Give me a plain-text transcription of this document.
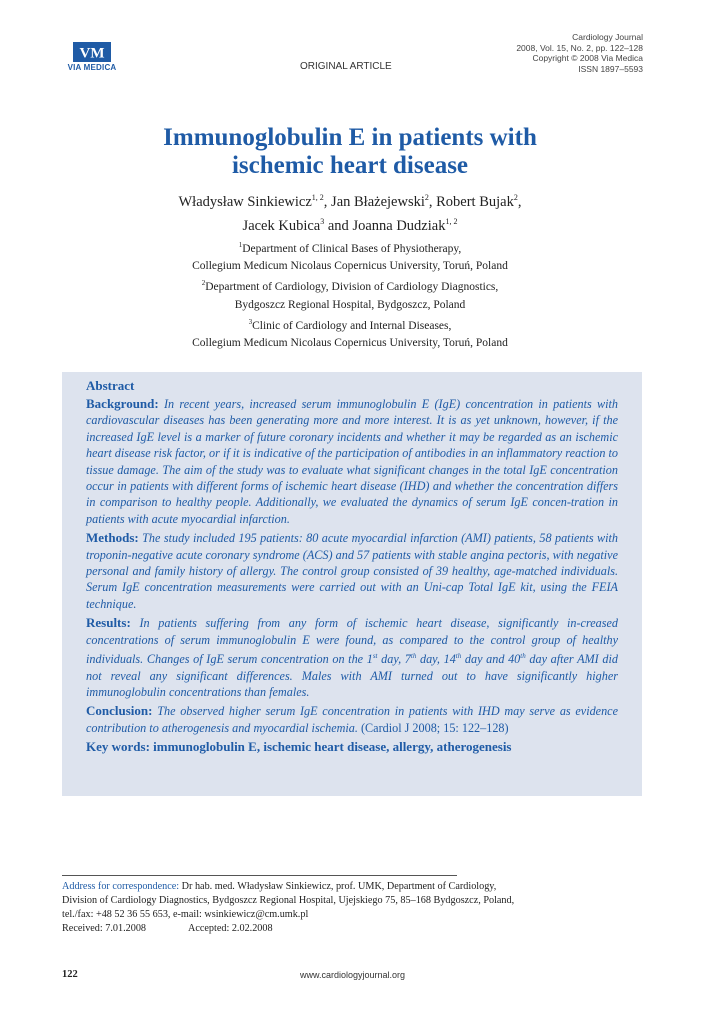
VM
VIA MEDICA	ORIGINAL ARTICLE
Cardiology Journal
2008, Vol. 15, No. 2, pp. 122–128
Copyright © 2008 Via Medica
ISSN 1897–5593
Immunoglobulin E in patients with
ischemic heart disease
Władysław Sinkiewicz$^{1, 2}$, Jan Błażejewski$^2$, Robert Bujak$^2$,
Jacek Kubica$^3$ and Joanna Dudziak$^{1, 2}$
$^1$Department of Clinical Bases of Physiotherapy,
Collegium Medicum Nicolaus Copernicus University, Toruń, Poland
$^2$Department of Cardiology, Division of Cardiology Diagnostics,
Bydgoszcz Regional Hospital, Bydgoszcz, Poland
$^3$Clinic of Cardiology and Internal Diseases,
Collegium Medicum Nicolaus Copernicus University, Toruń, Poland
Abstract

Background: In recent years, increased serum immunoglobulin E (IgE) concentration in patients with cardiovascular diseases has been generating more and more interest. It is as yet unknown, however, if the increased IgE level is a marker of future coronary incidents and whether it may be regarded as an ischemic heart disease risk factor, or if it is indicative of the participation of antibodies in an inflammatory reaction to tissue damage. The aim of the study was to evaluate what significant changes in the total IgE concentration occur in patients with different forms of ischemic heart disease (IHD) and whether the concentration differs in comparison to healthy people. Additionally, we evaluated the dynamics of serum IgE concen-tration in patients with acute myocardial infarction.

Methods: The study included 195 patients: 80 acute myocardial infarction (AMI) patients, 58 patients with troponin-negative acute coronary syndrome (ACS) and 57 patients with stable angina pectoris, with negative personal and family history of allergy. The control group consisted of 39 healthy, age-matched individuals. Serum IgE concentration measurements were carried out with an Uni-cap Total IgE kit, using the FEIA technique.

Results: In patients suffering from any form of ischemic heart disease, significantly in-creased concentrations of serum immunoglobulin E were found, as compared to the control group of healthy individuals. Changes of IgE serum concentration on the 1st day, 7th day, 14th day and 40th day after AMI did not reveal any significant differences. Males with AMI turned out to have significantly higher immunoglobulin concentrations than females.

Conclusion: The observed higher serum IgE concentration in patients with IHD may serve as evidence contribution to atherogenesis and myocardial ischemia. (Cardiol J 2008; 15: 122–128)

Key words: immunoglobulin E, ischemic heart disease, allergy, atherogenesis
Address for correspondence: Dr hab. med. Władysław Sinkiewicz, prof. UMK, Department of Cardiology,
Division of Cardiology Diagnostics, Bydgoszcz Regional Hospital, Ujejskiego 75, 85–168 Bydgoszcz, Poland,
tel./fax: +48 52 36 55 653, e-mail: wsinkiewicz@cm.umk.pl
Received: 7.01.2008	Accepted: 2.02.2008
122	www.cardiologyjournal.org
